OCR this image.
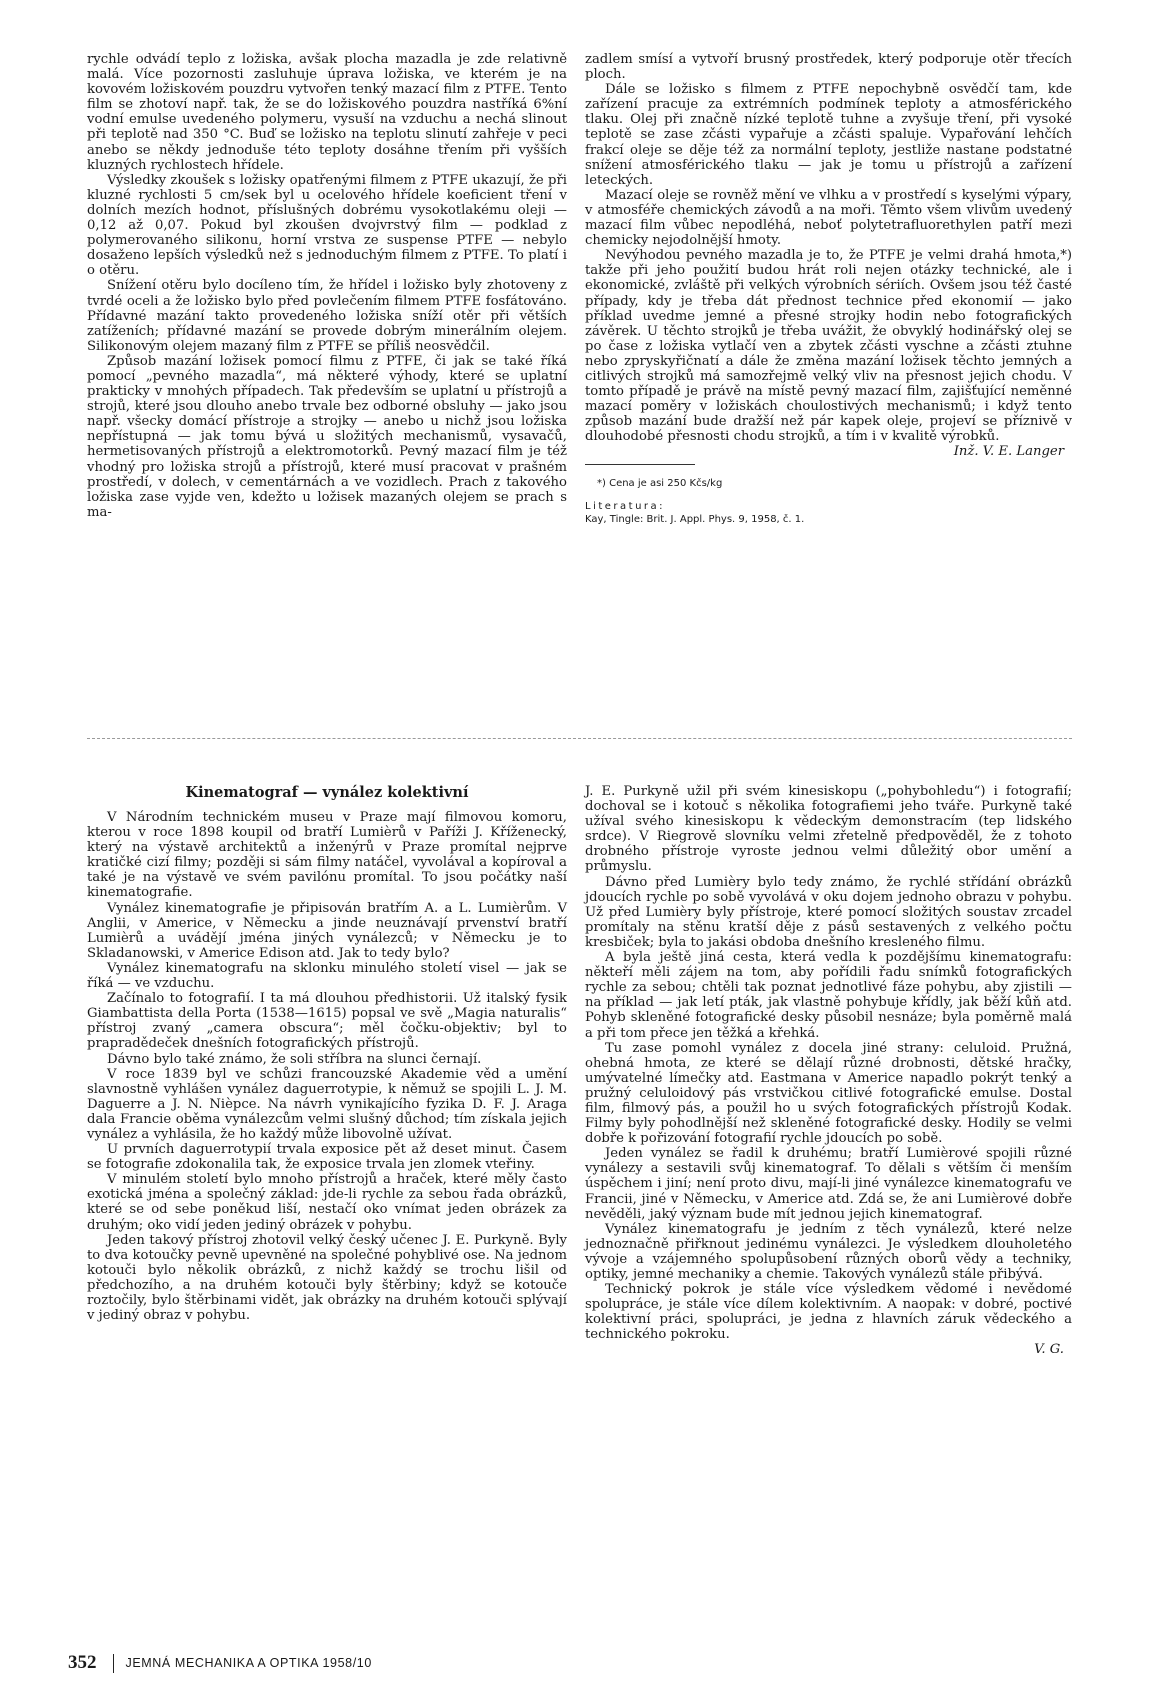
rychle odvádí teplo z ložiska, avšak plocha mazadla je zde relativně malá. Více pozornosti zasluhuje úprava ložiska, ve kterém je na kovovém ložiskovém pouzdru vytvořen tenký mazací film z PTFE. Tento film se zhotoví např. tak, že se do ložiskového pouzdra nastříká 6%ní vodní emulse uvedeného polymeru, vysuší na vzduchu a nechá slinout při teplotě nad 350 °C. Buď se ložisko na teplotu slinutí zahřeje v peci anebo se někdy jednoduše této teploty dosáhne třením při vyšších kluzných rychlostech hřídele.

Výsledky zkoušek s ložisky opatřenými filmem z PTFE ukazují, že při kluzné rychlosti 5 cm/sek byl u ocelového hřídele koeficient tření v dolních mezích hodnot, příslušných dobrému vysokotlakému oleji — 0,12 až 0,07. Pokud byl zkoušen dvojvrstvý film — podklad z polymerovaného silikonu, horní vrstva ze suspense PTFE — nebylo dosaženo lepších výsledků než s jednoduchým filmem z PTFE. To platí i o otěru.

Snížení otěru bylo docíleno tím, že hřídel i ložisko byly zhotoveny z tvrdé oceli a že ložisko bylo před povlečením filmem PTFE fosfátováno. Přídavné mazání takto provedeného ložiska sníží otěr při větších zatíženích; přídavné mazání se provede dobrým minerálním olejem. Silikonovým olejem mazaný film z PTFE se příliš neosvědčil.

Způsob mazání ložisek pomocí filmu z PTFE, či jak se také říká pomocí „pevného mazadla“, má některé výhody, které se uplatní prakticky v mnohých případech. Tak především se uplatní u přístrojů a strojů, které jsou dlouho anebo trvale bez odborné obsluhy — jako jsou např. všecky domácí přístroje a strojky — anebo u nichž jsou ložiska nepřístupná — jak tomu bývá u složitých mechanismů, vysavačů, hermetisovaných přístrojů a elektromotorků. Pevný mazací film je též vhodný pro ložiska strojů a přístrojů, které musí pracovat v prašném prostředí, v dolech, v cementárnách a ve vozidlech. Prach z takového ložiska zase vyjde ven, kdežto u ložisek mazaných olejem se prach s ma-

zadlem smísí a vytvoří brusný prostředek, který podporuje otěr třecích ploch.

Dále se ložisko s filmem z PTFE nepochybně osvědčí tam, kde zařízení pracuje za extrémních podmínek teploty a atmosférického tlaku. Olej při značně nízké teplotě tuhne a zvyšuje tření, při vysoké teplotě se zase zčásti vypařuje a zčásti spaluje. Vypařování lehčích frakcí oleje se děje též za normální teploty, jestliže nastane podstatné snížení atmosférického tlaku — jak je tomu u přístrojů a zařízení leteckých.

Mazací oleje se rovněž mění ve vlhku a v prostředí s kyselými výpary, v atmosféře chemických závodů a na moři. Těmto všem vlivům uvedený mazací film vůbec nepodléhá, neboť polytetrafluorethylen patří mezi chemicky nejodolnější hmoty.

Nevýhodou pevného mazadla je to, že PTFE je velmi drahá hmota,*) takže při jeho použití budou hrát roli nejen otázky technické, ale i ekonomické, zvláště při velkých výrobních sériích. Ovšem jsou též časté případy, kdy je třeba dát přednost technice před ekonomií — jako příklad uvedme jemné a přesné strojky hodin nebo fotografických závěrek. U těchto strojků je třeba uvážit, že obvyklý hodinářský olej se po čase z ložiska vytlačí ven a zbytek zčásti vyschne a zčásti ztuhne nebo zpryskyřičnatí a dále že změna mazání ložisek těchto jemných a citlivých strojků má samozřejmě velký vliv na přesnost jejich chodu. V tomto případě je právě na místě pevný mazací film, zajišťující neměnné mazací poměry v ložiskách choulostivých mechanismů; i když tento způsob mazání bude dražší než pár kapek oleje, projeví se příznivě v dlouhodobé přesnosti chodu strojků, a tím i v kvalitě výrobků.

Inž. V. E. Langer
*) Cena je asi 250 Kčs/kg
Literatura:
Kay, Tingle: Brit. J. Appl. Phys. 9, 1958, č. 1.
Kinematograf — vynález kolektivní

V Národním technickém museu v Praze mají filmovou komoru, kterou v roce 1898 koupil od bratří Lumièrů v Paříži J. Kříženecký, který na výstavě architektů a inženýrů v Praze promítal nejprve kratičké cizí filmy; později si sám filmy natáčel, vyvolával a kopíroval a také je na výstavě ve svém pavilónu promítal. To jsou počátky naší kinematografie.

Vynález kinematografie je připisován bratřím A. a L. Lumièrům. V Anglii, v Americe, v Německu a jinde neuznávají prvenství bratří Lumièrů a uvádějí jména jiných vynálezců; v Německu je to Skladanowski, v Americe Edison atd. Jak to tedy bylo?

Vynález kinematografu na sklonku minulého století visel — jak se říká — ve vzduchu.

Začínalo to fotografií. I ta má dlouhou předhistorii. Už italský fysik Giambattista della Porta (1538—1615) popsal ve svě „Magia naturalis“ přístroj zvaný „camera obscura“; měl čočku-objektiv; byl to prapradědeček dnešních fotografických přístrojů.

Dávno bylo také známo, že soli stříbra na slunci černají.

V roce 1839 byl ve schůzi francouzské Akademie věd a umění slavnostně vyhlášen vynález daguerrotypie, k němuž se spojili L. J. M. Daguerre a J. N. Nièpce. Na návrh vynikajícího fyzika D. F. J. Araga dala Francie oběma vynálezcům velmi slušný důchod; tím získala jejich vynález a vyhlásila, že ho každý může libovolně užívat.

U prvních daguerrotypií trvala exposice pět až deset minut. Časem se fotografie zdokonalila tak, že exposice trvala jen zlomek vteřiny.

V minulém století bylo mnoho přístrojů a hraček, které měly často exotická jména a společný základ: jde-li rychle za sebou řada obrázků, které se od sebe poněkud liší, nestačí oko vnímat jeden obrázek za druhým; oko vidí jeden jediný obrázek v pohybu.

Jeden takový přístroj zhotovil velký český učenec J. E. Purkyně. Byly to dva kotoučky pevně upevněné na společné pohyblivé ose. Na jednom kotouči bylo několik obrázků, z nichž každý se trochu lišil od předchozího, a na druhém kotouči byly štěrbiny; když se kotouče roztočily, bylo štěrbinami vidět, jak obrázky na druhém kotouči splývají v jediný obraz v pohybu.

J. E. Purkyně užil při svém kinesiskopu („pohybohledu“) i fotografií; dochoval se i kotouč s několika fotografiemi jeho tváře. Purkyně také užíval svého kinesiskopu k vědeckým demonstracím (tep lidského srdce). V Riegrově slovníku velmi zřetelně předpověděl, že z tohoto drobného přístroje vyroste jednou velmi důležitý obor umění a průmyslu.

Dávno před Lumièry bylo tedy známo, že rychlé střídání obrázků jdoucích rychle po sobě vyvolává v oku dojem jednoho obrazu v pohybu. Už před Lumièry byly přístroje, které pomocí složitých soustav zrcadel promítaly na stěnu kratší děje z pásů sestavených z velkého počtu kresbiček; byla to jakási obdoba dnešního kresleného filmu.

A byla ještě jiná cesta, která vedla k pozdějšímu kinematografu: někteří měli zájem na tom, aby pořídili řadu snímků fotografických rychle za sebou; chtěli tak poznat jednotlivé fáze pohybu, aby zjistili — na příklad — jak letí pták, jak vlastně pohybuje křídly, jak běží kůň atd. Pohyb skleněné fotografické desky působil nesnáze; byla poměrně malá a při tom přece jen těžká a křehká.

Tu zase pomohl vynález z docela jiné strany: celuloid. Pružná, ohebná hmota, ze které se dělají různé drobnosti, dětské hračky, umývatelné límečky atd. Eastmana v Americe napadlo pokrýt tenký a pružný celuloidový pás vrstvičkou citlivé fotografické emulse. Dostal film, filmový pás, a použil ho u svých fotografických přístrojů Kodak. Filmy byly pohodlnější než skleněné fotografické desky. Hodily se velmi dobře k pořizování fotografií rychle jdoucích po sobě.

Jeden vynález se řadil k druhému; bratří Lumièrové spojili různé vynálezy a sestavili svůj kinematograf. To dělali s větším či menším úspěchem i jiní; není proto divu, mají-li jiné vynálezce kinematografu ve Francii, jiné v Německu, v Americe atd. Zdá se, že ani Lumièrové dobře nevěděli, jaký význam bude mít jednou jejich kinematograf.

Vynález kinematografu je jedním z těch vynálezů, které nelze jednoznačně přiřknout jedinému vynálezci. Je výsledkem dlouholetého vývoje a vzájemného spolupůsobení různých oborů vědy a techniky, optiky, jemné mechaniky a chemie. Takových vynálezů stále přibývá.

Technický pokrok je stále více výsledkem vědomé i nevědomé spolupráce, je stále více dílem kolektivním. A naopak: v dobré, poctivé kolektivní práci, spolupráci, je jedna z hlavních záruk vědeckého a technického pokroku.

V. G.
352 JEMNÁ MECHANIKA A OPTIKA 1958/10
